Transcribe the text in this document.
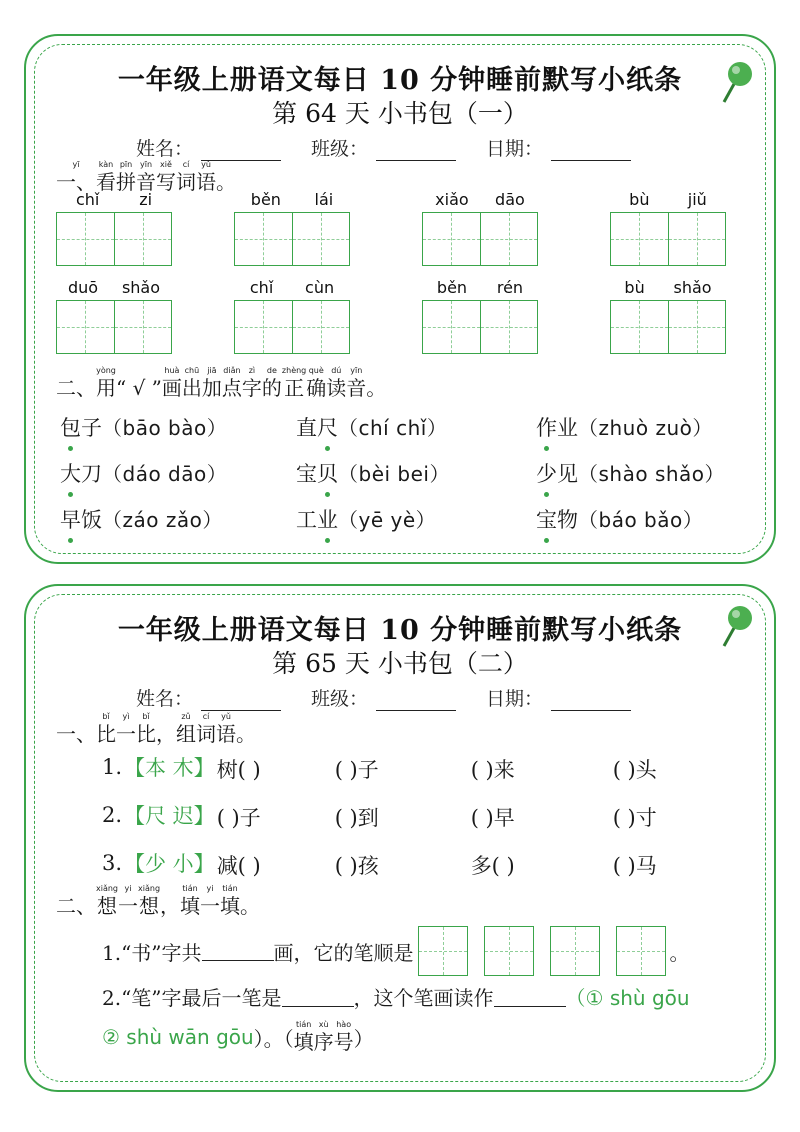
一年级上册语文每日 10 分钟睡前默写小纸条
第 64 天 小书包（一）
姓名：	班级：	日期：
yī
一、
kàn
看
pīn
拼
yīn
音
xiě
写
cí
词
yǔ
语 。
chǐ zi	běn lái	xiǎo dāo	bù jiǔ
duō shǎo	chǐ cùn	běn rén	bù shǎo
二、
yòng
用 “ √ ”
huà
画
chū
出
jiā
加
diǎn
点
zì
字
de
的
zhèng
正
què
确
dú
读
yīn
音 。
包 子 （bāo bào）	直 尺 （chí chǐ）	作 业 （zhuò zuò）
大 刀 （dáo dāo）	宝 贝 （bèi bei）	少 见 （shào shǎo）
早 饭 （záo zǎo）	工 业 （yē yè）	宝 物 （báo bǎo）
一年级上册语文每日 10 分钟睡前默写小纸条
第 65 天 小书包（二）
姓名：	班级：	日期：
一、
bǐ
比
yì
一
bǐ
比 ，
zǔ
组
cí
词
yǔ
语 。
1. 【本 木】 树( )	( )子	( )来	( )头
2. 【尺 迟】 ( )子	( )到	( )早	( )寸
3. 【少 小】 减( )	( )孩	多( )	( )马
二、
xiǎng
想
yi
一
xiǎng
想 ，
tián
填
yi
一
tián
填 。
1.“书”字共	画，它的笔顺是	。
2.“笔”字最后一笔是	，这个笔画读作	（① shù gōu
② shù wān gōu ）。（
tián
填
xù
序
hào
号 ）
